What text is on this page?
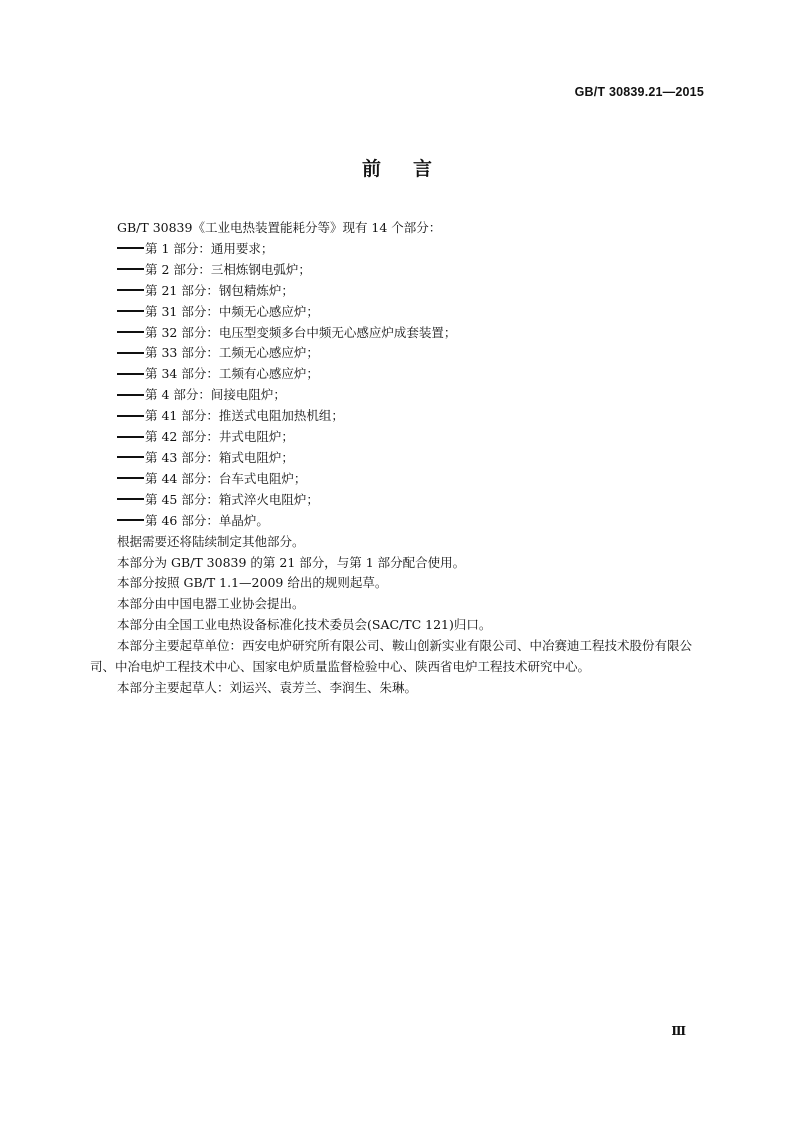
GB/T 30839.21—2015
前言

GB/T 30839《工业电热装置能耗分等》现有 14 个部分：

第 1 部分：通用要求；
第 2 部分：三相炼钢电弧炉；
第 21 部分：钢包精炼炉；
第 31 部分：中频无心感应炉；
第 32 部分：电压型变频多台中频无心感应炉成套装置；
第 33 部分：工频无心感应炉；
第 34 部分：工频有心感应炉；
第 4 部分：间接电阻炉；
第 41 部分：推送式电阻加热机组；
第 42 部分：井式电阻炉；
第 43 部分：箱式电阻炉；
第 44 部分：台车式电阻炉；
第 45 部分：箱式淬火电阻炉；
第 46 部分：单晶炉。

根据需要还将陆续制定其他部分。

本部分为 GB/T 30839 的第 21 部分，与第 1 部分配合使用。

本部分按照 GB/T 1.1—2009 给出的规则起草。

本部分由中国电器工业协会提出。

本部分由全国工业电热设备标准化技术委员会(SAC/TC 121)归口。

本部分主要起草单位：西安电炉研究所有限公司、鞍山创新实业有限公司、中冶赛迪工程技术股份有限公司、中冶电炉工程技术中心、国家电炉质量监督检验中心、陕西省电炉工程技术研究中心。

本部分主要起草人：刘运兴、袁芳兰、李润生、朱琳。

Ⅲ
